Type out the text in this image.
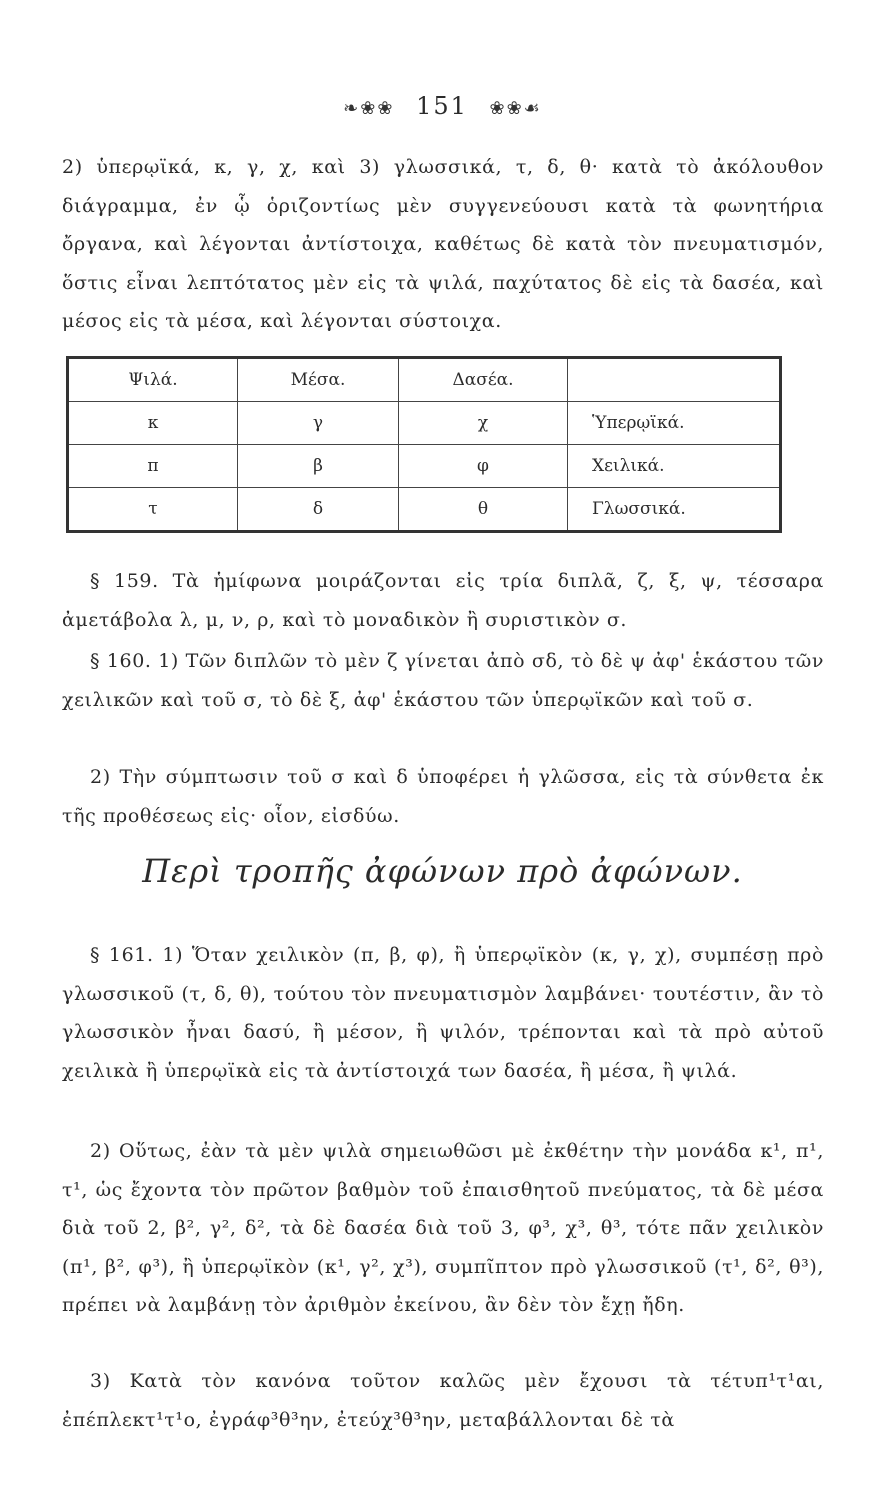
❧❀❀ 151 ❀❀☙
2) ὑπερῳϊκά, κ, γ, χ, καὶ 3) γλωσσικά, τ, δ, θ· κατὰ τὸ ἀκόλουθον διάγραμμα, ἐν ᾧ ὁριζοντίως μὲν συγγενεύουσι κατὰ τὰ φωνητήρια ὄργανα, καὶ λέγονται ἀντίστοιχα, καθέτως δὲ κατὰ τὸν πνευματισμόν, ὅστις εἶναι λεπτότατος μὲν εἰς τὰ ψιλά, παχύτατος δὲ εἰς τὰ δασέα, καὶ μέσος εἰς τὰ μέσα, καὶ λέγονται σύστοιχα.
Ψιλά.	Μέσα.	Δασέα.	
κ	γ	χ	Ὑπερῳϊκά.
π	β	φ	Χειλικά.
τ	δ	θ	Γλωσσικά.
§ 159. Τὰ ἡμίφωνα μοιράζονται εἰς τρία διπλᾶ, ζ, ξ, ψ, τέσσαρα ἀμετάβολα λ, μ, ν, ρ, καὶ τὸ μοναδικὸν ἢ συριστικὸν σ.
§ 160. 1) Τῶν διπλῶν τὸ μὲν ζ γίνεται ἀπὸ σδ, τὸ δὲ ψ ἀφ' ἑκάστου τῶν χειλικῶν καὶ τοῦ σ, τὸ δὲ ξ, ἀφ' ἑκάστου τῶν ὑπερῳϊκῶν καὶ τοῦ σ.
2) Τὴν σύμπτωσιν τοῦ σ καὶ δ ὑποφέρει ἡ γλῶσσα, εἰς τὰ σύνθετα ἐκ τῆς προθέσεως εἰς· οἷον, εἰσδύω.
Περὶ τροπῆς ἀφώνων πρὸ ἀφώνων.
§ 161. 1) Ὅταν χειλικὸν (π, β, φ), ἢ ὑπερῳϊκὸν (κ, γ, χ), συμπέσῃ πρὸ γλωσσικοῦ (τ, δ, θ), τούτου τὸν πνευματισμὸν λαμβάνει· τουτέστιν, ἂν τὸ γλωσσικὸν ἦναι δασύ, ἢ μέσον, ἢ ψιλόν, τρέπονται καὶ τὰ πρὸ αὐτοῦ χειλικὰ ἢ ὑπερῳϊκὰ εἰς τὰ ἀντίστοιχά των δασέα, ἢ μέσα, ἢ ψιλά.
2) Οὕτως, ἐὰν τὰ μὲν ψιλὰ σημειωθῶσι μὲ ἐκθέτην τὴν μονάδα κ¹, π¹, τ¹, ὡς ἔχοντα τὸν πρῶτον βαθμὸν τοῦ ἐπαισθητοῦ πνεύματος, τὰ δὲ μέσα διὰ τοῦ 2, β², γ², δ², τὰ δὲ δασέα διὰ τοῦ 3, φ³, χ³, θ³, τότε πᾶν χειλικὸν (π¹, β², φ³), ἢ ὑπερῳϊκὸν (κ¹, γ², χ³), συμπῖπτον πρὸ γλωσσικοῦ (τ¹, δ², θ³), πρέπει νὰ λαμβάνῃ τὸν ἀριθμὸν ἐκείνου, ἂν δὲν τὸν ἔχῃ ἤδη.
3) Κατὰ τὸν κανόνα τοῦτον καλῶς μὲν ἔχουσι τὰ τέτυπ¹τ¹αι, ἐπέπλεκτ¹τ¹ο, ἐγράφ³θ³ην, ἐτεύχ³θ³ην, μεταβάλλονται δὲ τὰ
